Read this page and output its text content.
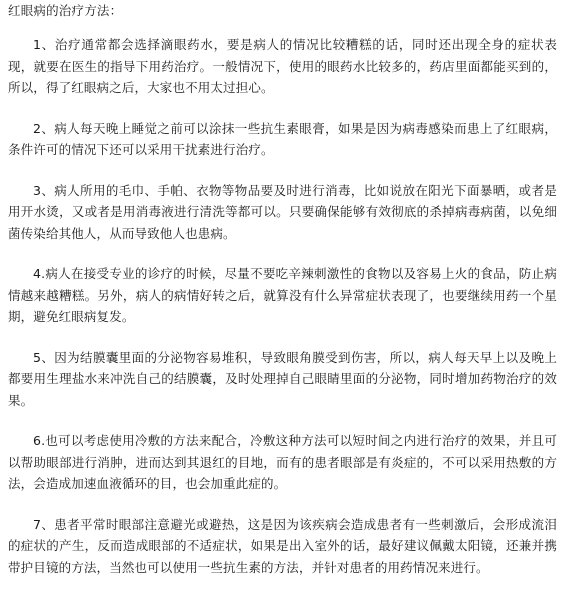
红眼病的治疗方法：

1、治疗通常都会选择滴眼药水，要是病人的情况比较糟糕的话，同时还出现全身的症状表现，就要在医生的指导下用药治疗。一般情况下，使用的眼药水比较多的，药店里面都能买到的，所以，得了红眼病之后，大家也不用太过担心。

2、病人每天晚上睡觉之前可以涂抹一些抗生素眼膏，如果是因为病毒感染而患上了红眼病，条件许可的情况下还可以采用干扰素进行治疗。

3、病人所用的毛巾、手帕、衣物等物品要及时进行消毒，比如说放在阳光下面暴晒，或者是用开水烫，又或者是用消毒液进行清洗等都可以。只要确保能够有效彻底的杀掉病毒病菌，以免细菌传染给其他人，从而导致他人也患病。

4.病人在接受专业的诊疗的时候，尽量不要吃辛辣刺激性的食物以及容易上火的食品，防止病情越来越糟糕。另外，病人的病情好转之后，就算没有什么异常症状表现了，也要继续用药一个星期，避免红眼病复发。

5、因为结膜囊里面的分泌物容易堆积，导致眼角膜受到伤害，所以，病人每天早上以及晚上都要用生理盐水来冲洗自己的结膜囊，及时处理掉自己眼睛里面的分泌物，同时增加药物治疗的效果。

6.也可以考虑使用冷敷的方法来配合，冷敷这种方法可以短时间之内进行治疗的效果，并且可以帮助眼部进行消肿，进而达到其退红的目地，而有的患者眼部是有炎症的，不可以采用热敷的方法，会造成加速血液循环的目，也会加重此症的。

7、患者平常时眼部注意避光或避热，这是因为该疾病会造成患者有一些刺激后，会形成流泪的症状的产生，反而造成眼部的不适症状，如果是出入室外的话，最好建议佩戴太阳镜，还兼并携带护目镜的方法，当然也可以使用一些抗生素的方法，并针对患者的用药情况来进行。
